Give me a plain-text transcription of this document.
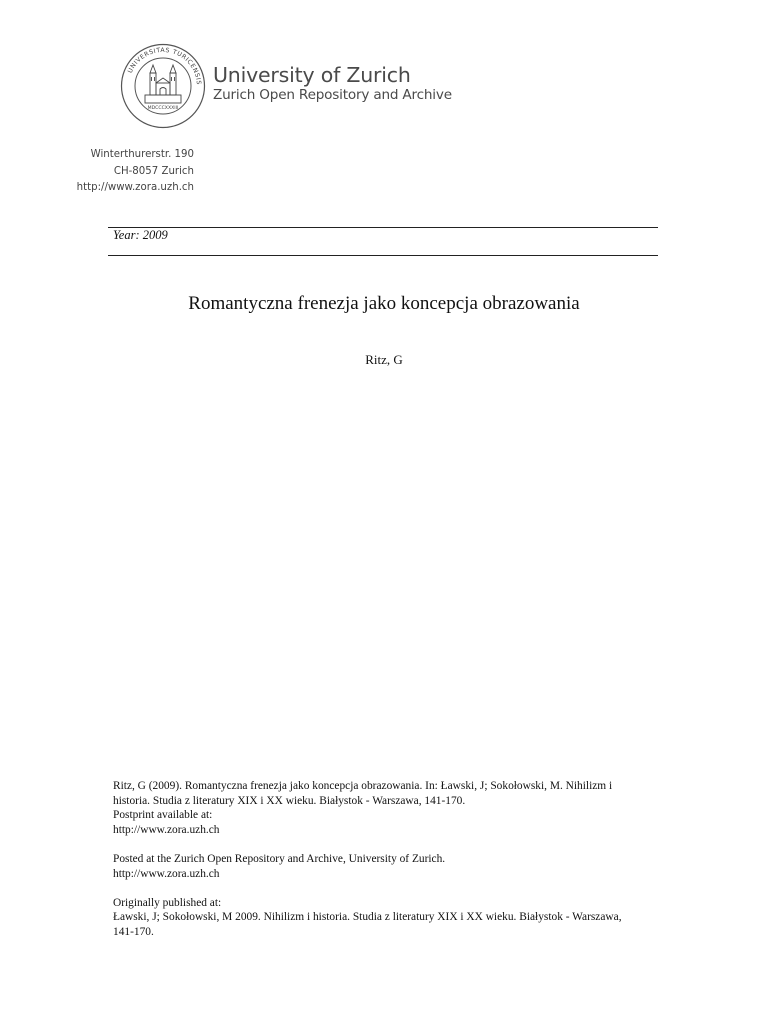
UNIVERSITAS TURICENSIS
MDCCCXXXIII
University of Zurich
Zurich Open Repository and Archive
Winterthurerstr. 190
CH-8057 Zurich
http://www.zora.uzh.ch
Year: 2009
Romantyczna frenezja jako koncepcja obrazowania
Ritz, G

Ritz, G (2009). Romantyczna frenezja jako koncepcja obrazowania. In: Ławski, J; Sokołowski, M. Nihilizm i
historia. Studia z literatury XIX i XX wieku. Białystok - Warszawa, 141-170.
Postprint available at:
http://www.zora.uzh.ch

Posted at the Zurich Open Repository and Archive, University of Zurich.
http://www.zora.uzh.ch

Originally published at:
Ławski, J; Sokołowski, M 2009. Nihilizm i historia. Studia z literatury XIX i XX wieku. Białystok - Warszawa,
141-170.
